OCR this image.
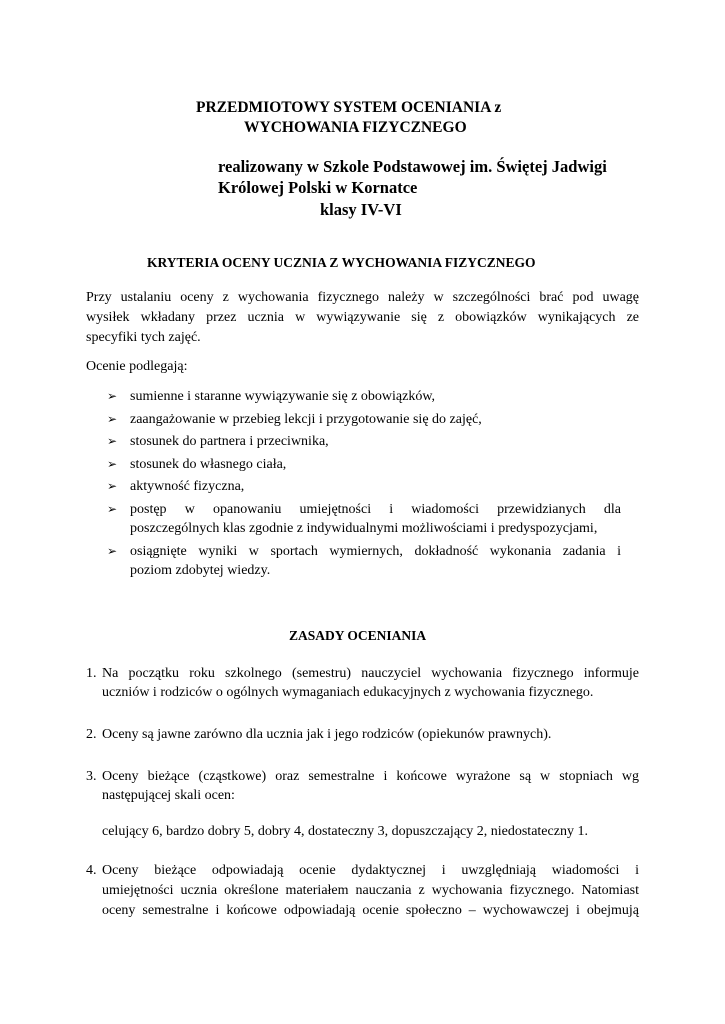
PRZEDMIOTOWY SYSTEM OCENIANIA z

WYCHOWANIA FIZYCZNEGO

realizowany w Szkole Podstawowej im. Świętej Jadwigi

Królowej Polski w Kornatce

klasy IV-VI

KRYTERIA OCENY UCZNIA Z WYCHOWANIA FIZYCZNEGO

Przy ustalaniu oceny z wychowania fizycznego należy w szczególności brać pod uwagę

wysiłek wkładany przez ucznia w wywiązywanie się z obowiązków wynikających ze

specyfiki tych zajęć.

Ocenie podlegają:

➢ sumienne i staranne wywiązywanie się z obowiązków,

➢ zaangażowanie w przebieg lekcji i przygotowanie się do zajęć,

➢ stosunek do partnera i przeciwnika,

➢ stosunek do własnego ciała,

➢ aktywność fizyczna,

➢ postęp w opanowaniu umiejętności i wiadomości przewidzianych dla

poszczególnych klas zgodnie z indywidualnymi możliwościami i predyspozycjami,

➢ osiągnięte wyniki w sportach wymiernych, dokładność wykonania zadania i

poziom zdobytej wiedzy.

ZASADY OCENIANIA

1. Na początku roku szkolnego (semestru) nauczyciel wychowania fizycznego informuje

uczniów i rodziców o ogólnych wymaganiach edukacyjnych z wychowania fizycznego.

2. Oceny są jawne zarówno dla ucznia jak i jego rodziców (opiekunów prawnych).

3. Oceny bieżące (cząstkowe) oraz semestralne i końcowe wyrażone są w stopniach wg

następującej skali ocen:

celujący 6, bardzo dobry 5, dobry 4, dostateczny 3, dopuszczający 2, niedostateczny 1.

4. Oceny bieżące odpowiadają ocenie dydaktycznej i uwzględniają wiadomości i

umiejętności ucznia określone materiałem nauczania z wychowania fizycznego. Natomiast

oceny semestralne i końcowe odpowiadają ocenie społeczno – wychowawczej i obejmują
